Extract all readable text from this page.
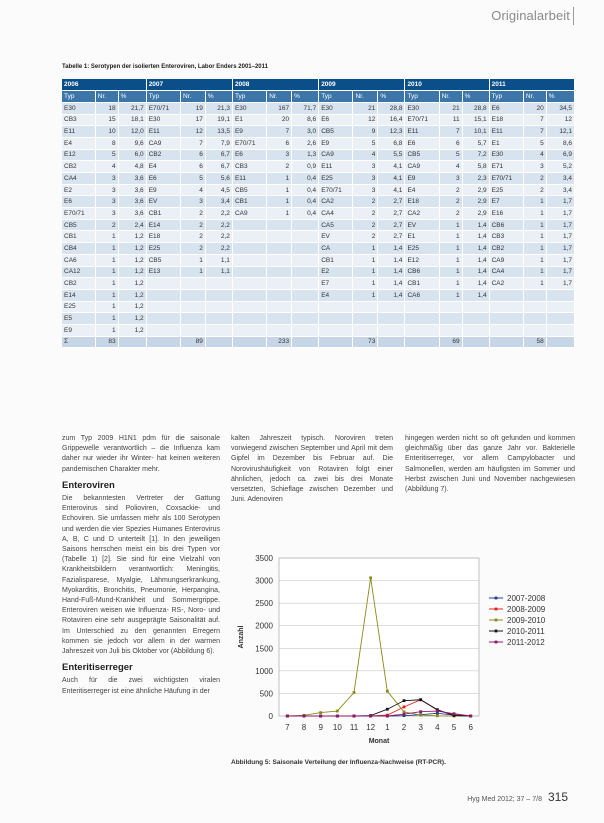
Originalarbeit
Tabelle 1: Serotypen der isolierten Enteroviren, Labor Enders 2001–2011
2006			2007			2008			2009			2010			2011		
Typ	Nr.	%	Typ	Nr.	%	Typ	Nr.	%	Typ	Nr.	%	Typ	Nr.	%	Typ	Nr.	%
E30	18	21,7	E70/71	19	21,3	E30	167	71,7	E30	21	28,8	E30	21	28,8	E6	20	34,5
CB3	15	18,1	E30	17	19,1	E1	20	8,6	E6	12	16,4	E70/71	11	15,1	E18	7	12
E11	10	12,0	E11	12	13,5	E9	7	3,0	CB5	9	12,3	E11	7	10,1	E11	7	12,1
E4	8	9,6	CA9	7	7,9	E70/71	6	2,6	E9	5	6,8	E6	6	5,7	E1	5	8,6
E12	5	6,0	CB2	6	6,7	E6	3	1,3	CA9	4	5,5	CB5	5	7,2	E30	4	6,9
CB2	4	4,8	E4	6	6,7	CB3	2	0,9	E11	3	4,1	CA9	4	5,8	E71	3	5,2
CA4	3	3,6	E6	5	5,6	E11	1	0,4	E25	3	4,1	E9	3	2,3	E70/71	2	3,4
E2	3	3,6	E9	4	4,5	CB5	1	0,4	E70/71	3	4,1	E4	2	2,9	E25	2	3,4
E6	3	3,6	EV	3	3,4	CB1	1	0,4	CA2	2	2,7	E18	2	2,9	E7	1	1,7
E70/71	3	3,6	CB1	2	2,2	CA9	1	0,4	CA4	2	2,7	CA2	2	2,9	E16	1	1,7
CB5	2	2,4	E14	2	2,2				CA5	2	2,7	EV	1	1,4	CB6	1	1,7
CB1	1	1,2	E18	2	2,2				EV	2	2,7	E1	1	1,4	CB3	1	1,7
CB4	1	1,2	E25	2	2,2				CA	1	1,4	E25	1	1,4	CB2	1	1,7
CA6	1	1,2	CB5	1	1,1				CB1	1	1,4	E12	1	1,4	CA9	1	1,7
CA12	1	1,2	E13	1	1,1				E2	1	1,4	CB6	1	1,4	CA4	1	1,7
CB2	1	1,2							E7	1	1,4	CB1	1	1,4	CA2	1	1,7
E14	1	1,2							E4	1	1,4	CA6	1	1,4			
E25	1	1,2															
E5	1	1,2															
E9	1	1,2															
Σ	83			89			233			73			69			58	

zum Typ 2009 H1N1 pdm für die saisonale Grippewelle verantwortlich – die Influenza kam daher nur wieder ihr Winter- hat keinen weiteren pandemischen Charakter mehr.

Enteroviren

Die bekanntesten Vertreter der Gattung Enterovirus sind Polioviren, Coxsackie- und Echoviren. Sie umfassen mehr als 100 Serotypen und werden die vier Spezies Humanes Enterovirus A, B, C und D unterteilt [1]. In den jeweiligen Saisons herrschen meist ein bis drei Typen vor (Tabelle 1) [2]. Sie sind für eine Vielzahl von Krankheitsbildern verantwortlich: Meningitis, Fazialisparese, Myalgie, Lähmungserkrankung, Myokarditis, Bronchitis, Pneumonie, Herpangina, Hand-Fuß-Mund-Krankheit und Sommergrippe. Enteroviren weisen wie Influenza- RS-, Noro- und Rotaviren eine sehr ausgeprägte Saisonalität auf. Im Unterschied zu den genannten Erregern kommen sie jedoch vor allem in der warmen Jahreszeit von Juli bis Oktober vor (Abbildung 6).

Enteritiserreger

Auch für die zwei wichtigsten viralen Enteritiserreger ist eine ähnliche Häufung in der

kalten Jahreszeit typisch. Noroviren treten vorwiegend zwischen September und April mit dem Gipfel im Dezember bis Februar auf. Die Norovirushäufigkeit von Rotaviren folgt einer ähnlichen, jedoch ca. zwei bis drei Monate versetzten, Schieflage zwischen Dezember und Juni. Adenoviren

hingegen werden nicht so oft gefunden und kommen gleichmäßig über das ganze Jahr vor. Bakterielle Enteritiserreger, vor allem Campylobacter und Salmonellen, werden am häufigsten im Sommer und Herbst zwischen Juni und November nachgewiesen (Abbildung 7).

0
500
1000
1500
2000
2500
3000
3500
7 8 9 10 11 12 1 2 3 4 5 6
Monat
Anzahl
2007-2008
2008-2009
2009-2010
2010-2011
2011-2012
Abbildung 5: Saisonale Verteilung der Influenza-Nachweise (RT-PCR).
Hyg Med 2012; 37 – 7/8 315
